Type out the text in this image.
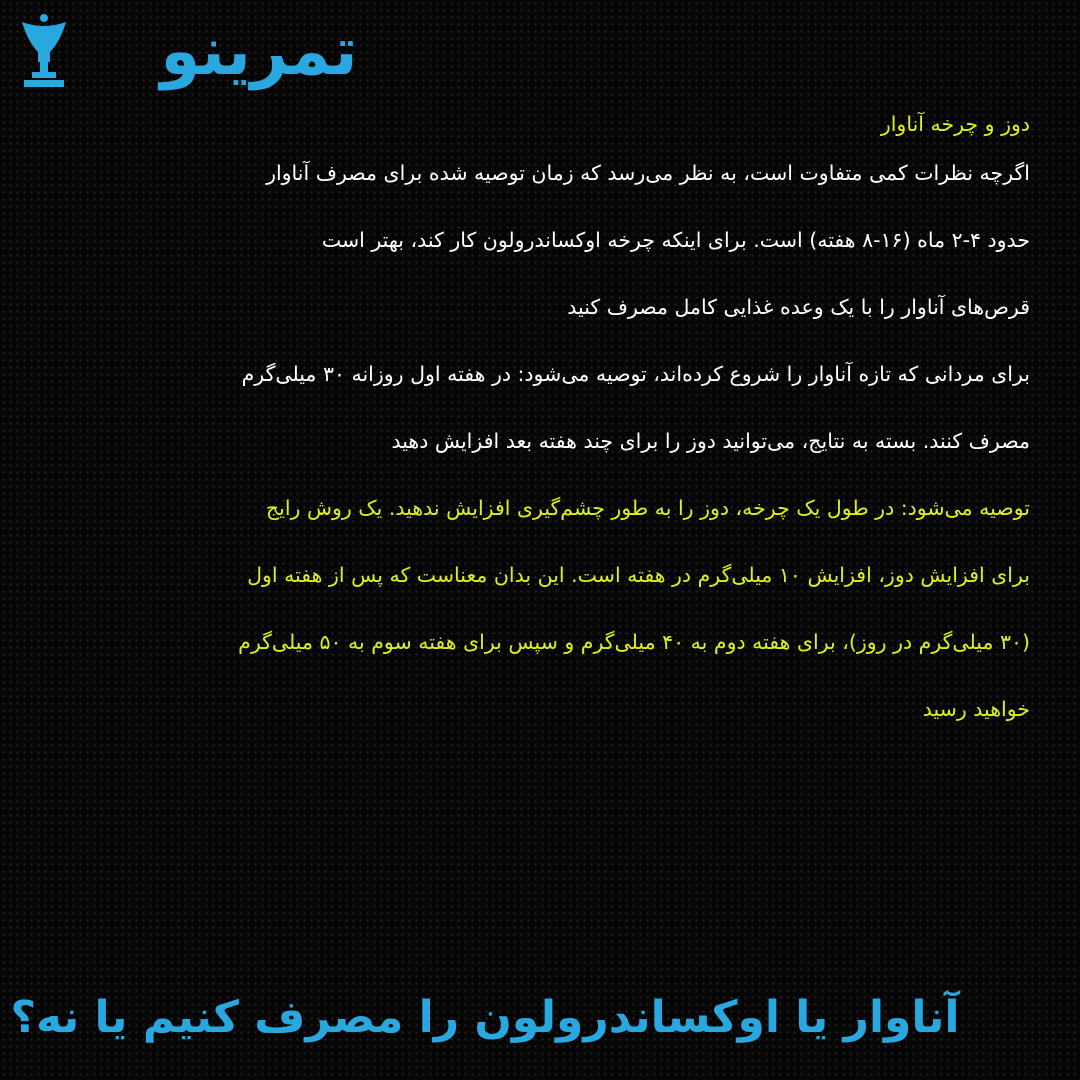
تمرینو
دوز و چرخه آناوار
اگرچه نظرات کمی متفاوت است، به نظر می‌رسد که زمان توصیه شده برای مصرف آناوار
حدود ۴-۲ ماه (۱۶-۸ هفته) است. برای اینکه چرخه اوکساندرولون کار کند، بهتر است
قرص‌های آناوار را با یک وعده غذایی کامل مصرف کنید
برای مردانی که تازه آناوار را شروع کرده‌اند، توصیه می‌شود: در هفته اول روزانه ۳۰ میلی‌گرم
مصرف کنند. بسته به نتایج، می‌توانید دوز را برای چند هفته بعد افزایش دهید
توصیه می‌شود: در طول یک چرخه، دوز را به طور چشم‌گیری افزایش ندهید. یک روش رایج
برای افزایش دوز، افزایش ۱۰ میلی‌گرم در هفته است. این بدان معناست که پس از هفته اول
(۳۰ میلی‌گرم در روز)، برای هفته دوم به ۴۰ میلی‌گرم و سپس برای هفته سوم به ۵۰ میلی‌گرم
خواهید رسید
آناوار یا اوکساندرولون را مصرف کنیم یا نه؟
